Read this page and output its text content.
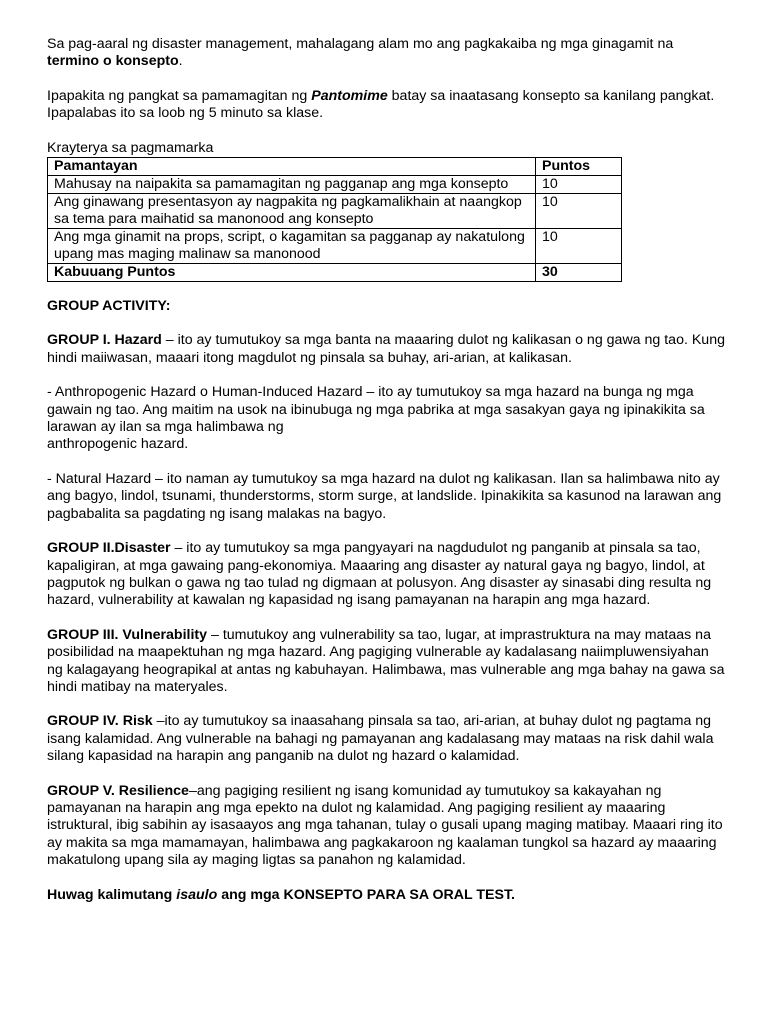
Sa pag-aaral ng disaster management, mahalagang alam mo ang pagkakaiba ng mga ginagamit na termino o konsepto.

Ipapakita ng pangkat sa pamamagitan ng Pantomime batay sa inaatasang konsepto sa kanilang pangkat. Ipapalabas ito sa loob ng 5 minuto sa klase.

Krayterya sa pagmamarka
Pamantayan	Puntos
Mahusay na naipakita sa pamamagitan ng pagganap ang mga konsepto	10
Ang ginawang presentasyon ay nagpakita ng pagkamalikhain at naangkop sa tema para maihatid sa manonood ang konsepto	10
Ang mga ginamit na props, script, o kagamitan sa pagganap ay nakatulong upang mas maging malinaw sa manonood	10
Kabuuang Puntos	30

GROUP ACTIVITY:

GROUP I. Hazard – ito ay tumutukoy sa mga banta na maaaring dulot ng kalikasan o ng gawa ng tao. Kung hindi maiiwasan, maaari itong magdulot ng pinsala sa buhay, ari-arian, at kalikasan.

- Anthropogenic Hazard o Human-Induced Hazard – ito ay tumutukoy sa mga hazard na bunga ng mga gawain ng tao. Ang maitim na usok na ibinubuga ng mga pabrika at mga sasakyan gaya ng ipinakikita sa larawan ay ilan sa mga halimbawa ng
anthropogenic hazard.

- Natural Hazard – ito naman ay tumutukoy sa mga hazard na dulot ng kalikasan. Ilan sa halimbawa nito ay ang bagyo, lindol, tsunami, thunderstorms, storm surge, at landslide. Ipinakikita sa kasunod na larawan ang pagbabalita sa pagdating ng isang malakas na bagyo.

GROUP II.Disaster – ito ay tumutukoy sa mga pangyayari na nagdudulot ng panganib at pinsala sa tao, kapaligiran, at mga gawaing pang-ekonomiya. Maaaring ang disaster ay natural gaya ng bagyo, lindol, at pagputok ng bulkan o gawa ng tao tulad ng digmaan at polusyon. Ang disaster ay sinasabi ding resulta ng hazard, vulnerability at kawalan ng kapasidad ng isang pamayanan na harapin ang mga hazard.

GROUP III. Vulnerability – tumutukoy ang vulnerability sa tao, lugar, at imprastruktura na may mataas na posibilidad na maapektuhan ng mga hazard. Ang pagiging vulnerable ay kadalasang naiimpluwensiyahan ng kalagayang heograpikal at antas ng kabuhayan. Halimbawa, mas vulnerable ang mga bahay na gawa sa hindi matibay na materyales.

GROUP IV. Risk –ito ay tumutukoy sa inaasahang pinsala sa tao, ari-arian, at buhay dulot ng pagtama ng isang kalamidad. Ang vulnerable na bahagi ng pamayanan ang kadalasang may mataas na risk dahil wala silang kapasidad na harapin ang panganib na dulot ng hazard o kalamidad.

GROUP V. Resilience–ang pagiging resilient ng isang komunidad ay tumutukoy sa kakayahan ng pamayanan na harapin ang mga epekto na dulot ng kalamidad. Ang pagiging resilient ay maaaring istruktural, ibig sabihin ay isasaayos ang mga tahanan, tulay o gusali upang maging matibay. Maaari ring ito ay makita sa mga mamamayan, halimbawa ang pagkakaroon ng kaalaman tungkol sa hazard ay maaaring makatulong upang sila ay maging ligtas sa panahon ng kalamidad.

Huwag kalimutang isaulo ang mga KONSEPTO PARA SA ORAL TEST.
